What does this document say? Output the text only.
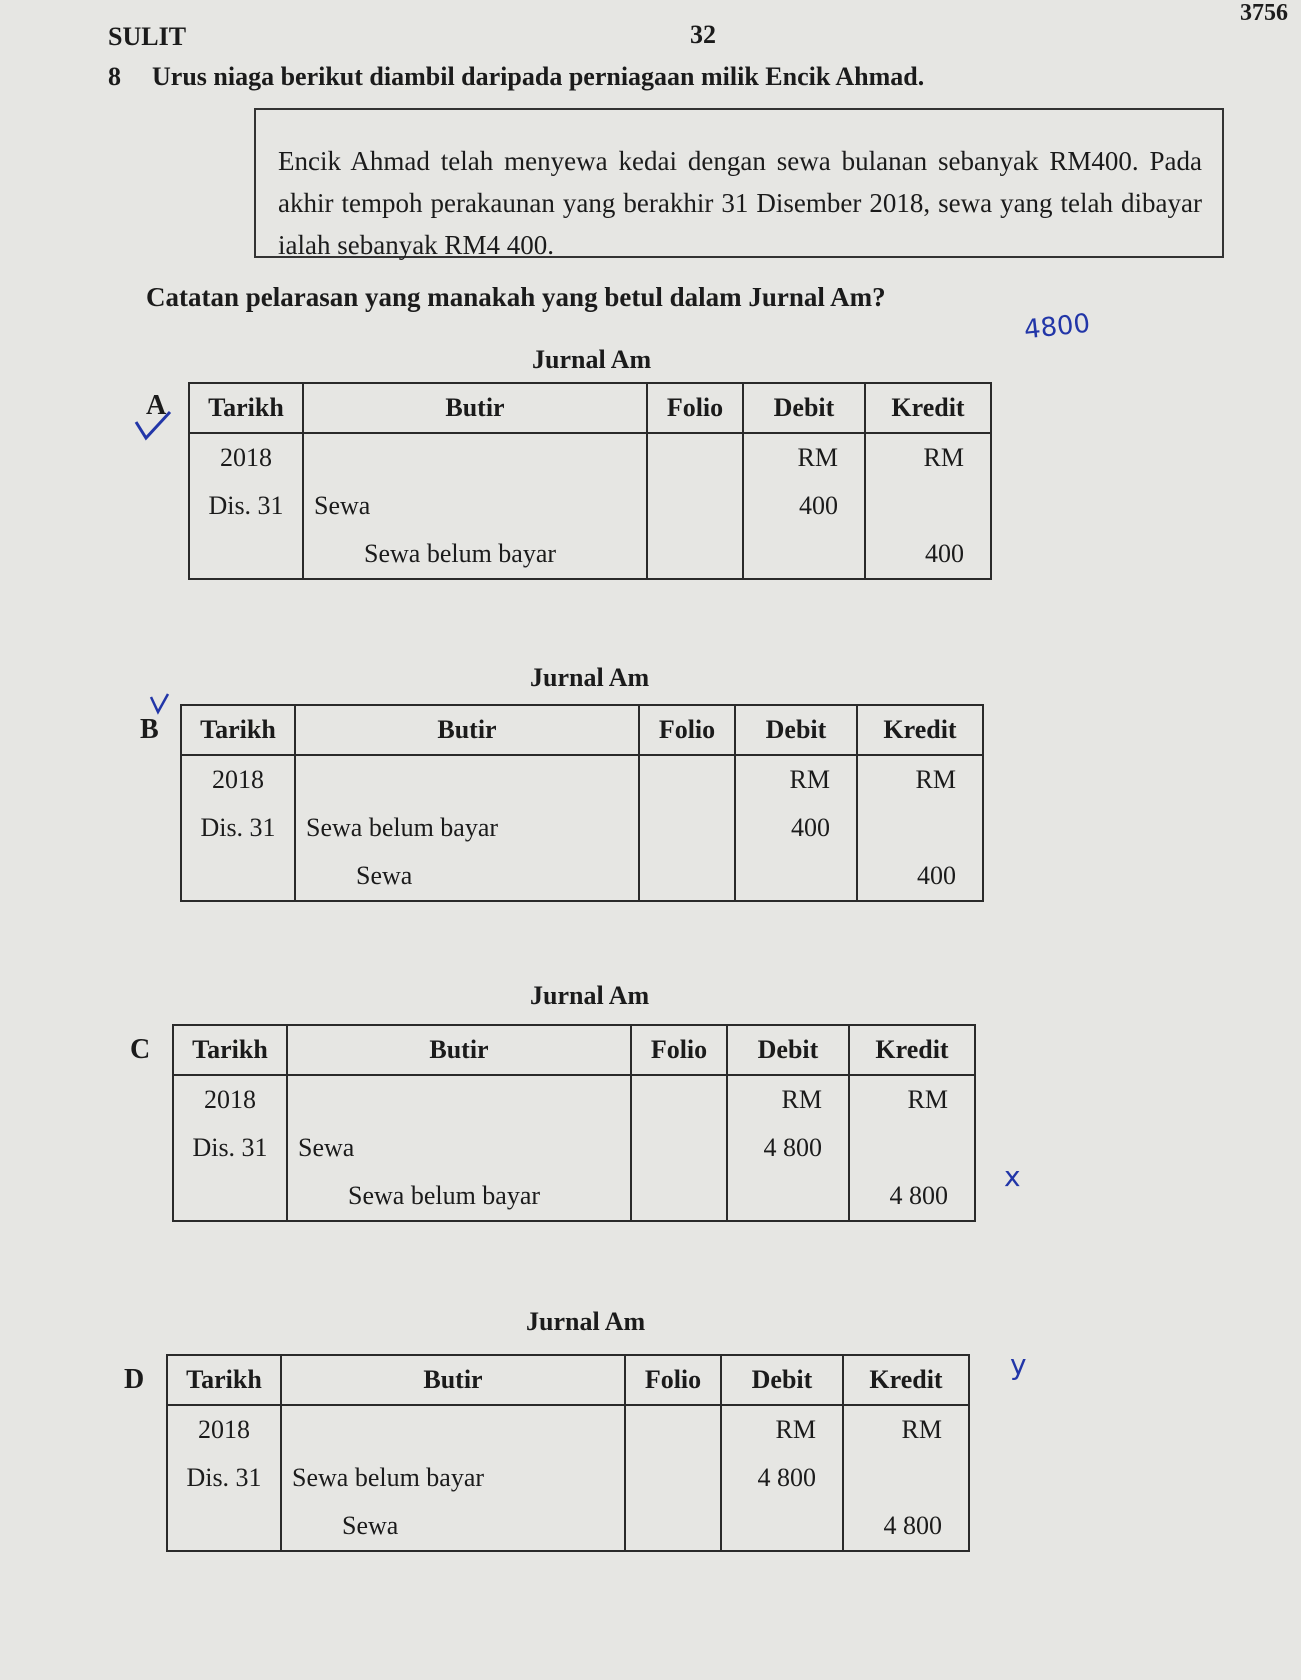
SULIT	32
3756
8 Urus niaga berikut diambil daripada perniagaan milik Encik Ahmad.
Encik Ahmad telah menyewa kedai dengan sewa bulanan sebanyak RM400. Pada akhir tempoh perakaunan yang berakhir 31 Disember 2018, sewa yang telah dibayar ialah sebanyak RM4 400.
Catatan pelarasan yang manakah yang betul dalam Jurnal Am?
4800
Jurnal Am
A Tarikh	Butir	Folio	Debit	Kredit
2018			RM	RM
Dis. 31	Sewa		400	
	Sewa belum bayar			400
Jurnal Am
B Tarikh	Butir	Folio	Debit	Kredit
2018			RM	RM
Dis. 31	Sewa belum bayar		400	
	Sewa			400
Jurnal Am
C Tarikh	Butir	Folio	Debit	Kredit
2018			RM	RM
Dis. 31	Sewa		4 800	
	Sewa belum bayar			4 800
x
Jurnal Am
D Tarikh	Butir	Folio	Debit	Kredit
2018			RM	RM
Dis. 31	Sewa belum bayar		4 800	
	Sewa			4 800
y
